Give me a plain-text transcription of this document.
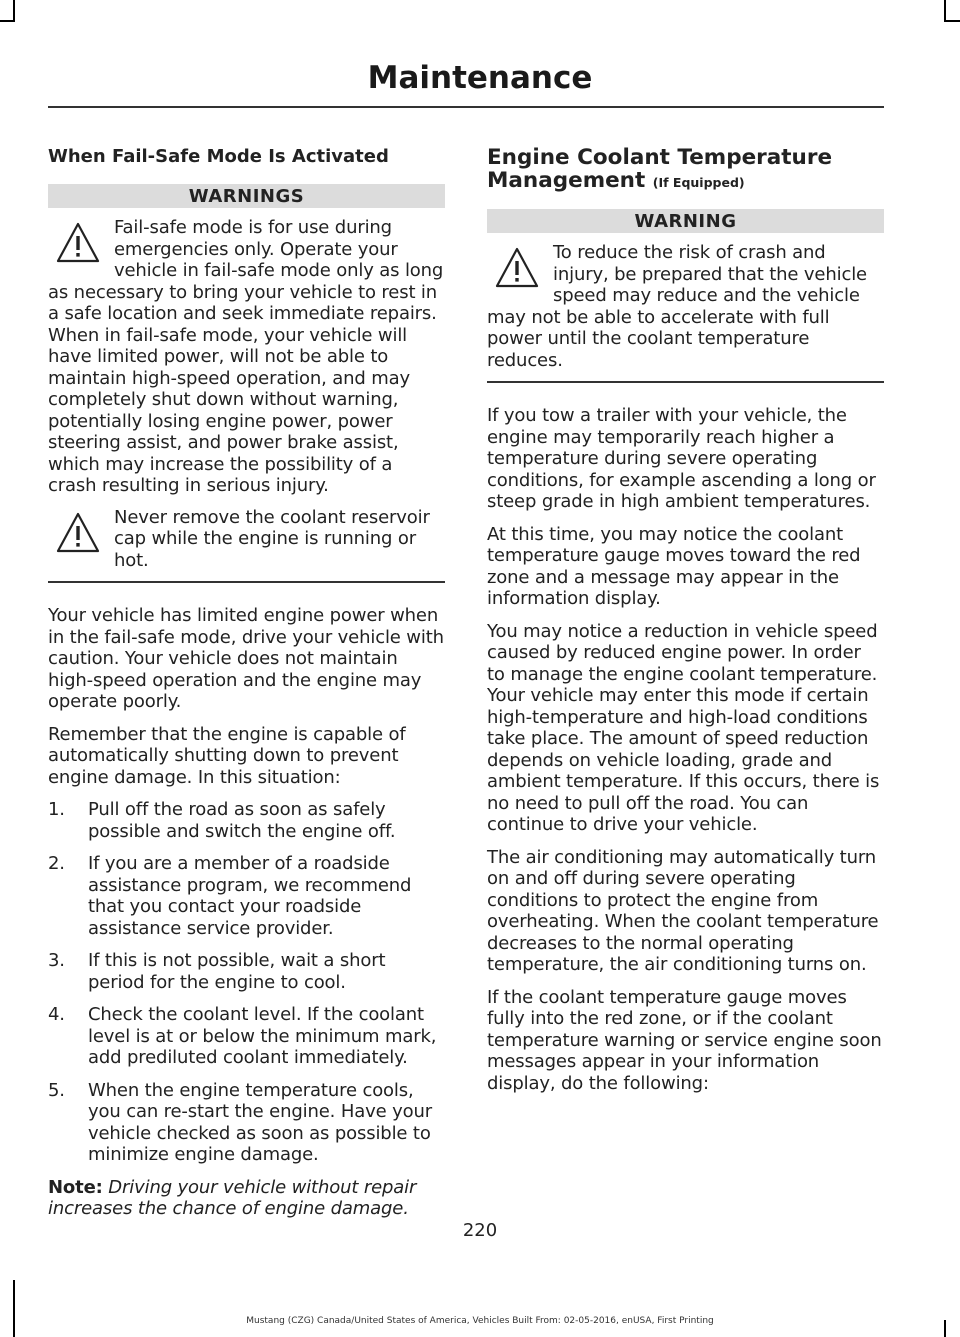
Maintenance

When Fail-Safe Mode Is Activated

WARNINGS
Fail-safe mode is for use during emergencies only. Operate your vehicle in fail-safe mode only as long as necessary to bring your vehicle to rest in a safe location and seek immediate repairs. When in fail-safe mode, your vehicle will have limited power, will not be able to maintain high-speed operation, and may completely shut down without warning, potentially losing engine power, power steering assist, and power brake assist, which may increase the possibility of a crash resulting in serious injury.
Never remove the coolant reservoir cap while the engine is running or hot.

Your vehicle has limited engine power when in the fail-safe mode, drive your vehicle with caution. Your vehicle does not maintain high-speed operation and the engine may operate poorly.

Remember that the engine is capable of automatically shutting down to prevent engine damage. In this situation:

1. Pull off the road as soon as safely possible and switch the engine off.
2. If you are a member of a roadside assistance program, we recommend that you contact your roadside assistance service provider.
3. If this is not possible, wait a short period for the engine to cool.
4. Check the coolant level. If the coolant level is at or below the minimum mark, add prediluted coolant immediately.
5. When the engine temperature cools, you can re-start the engine. Have your vehicle checked as soon as possible to minimize engine damage.

Note: Driving your vehicle without repair increases the chance of engine damage.

Engine Coolant Temperature Management (If Equipped)
WARNING
To reduce the risk of crash and injury, be prepared that the vehicle speed may reduce and the vehicle may not be able to accelerate with full power until the coolant temperature reduces.

If you tow a trailer with your vehicle, the engine may temporarily reach higher a temperature during severe operating conditions, for example ascending a long or steep grade in high ambient temperatures.

At this time, you may notice the coolant temperature gauge moves toward the red zone and a message may appear in the information display.

You may notice a reduction in vehicle speed caused by reduced engine power. In order to manage the engine coolant temperature. Your vehicle may enter this mode if certain high-temperature and high-load conditions take place. The amount of speed reduction depends on vehicle loading, grade and ambient temperature. If this occurs, there is no need to pull off the road. You can continue to drive your vehicle.

The air conditioning may automatically turn on and off during severe operating conditions to protect the engine from overheating. When the coolant temperature decreases to the normal operating temperature, the air conditioning turns on.

If the coolant temperature gauge moves fully into the red zone, or if the coolant temperature warning or service engine soon messages appear in your information display, do the following:

220

Mustang (CZG) Canada/United States of America, Vehicles Built From: 02-05-2016, enUSA, First Printing
